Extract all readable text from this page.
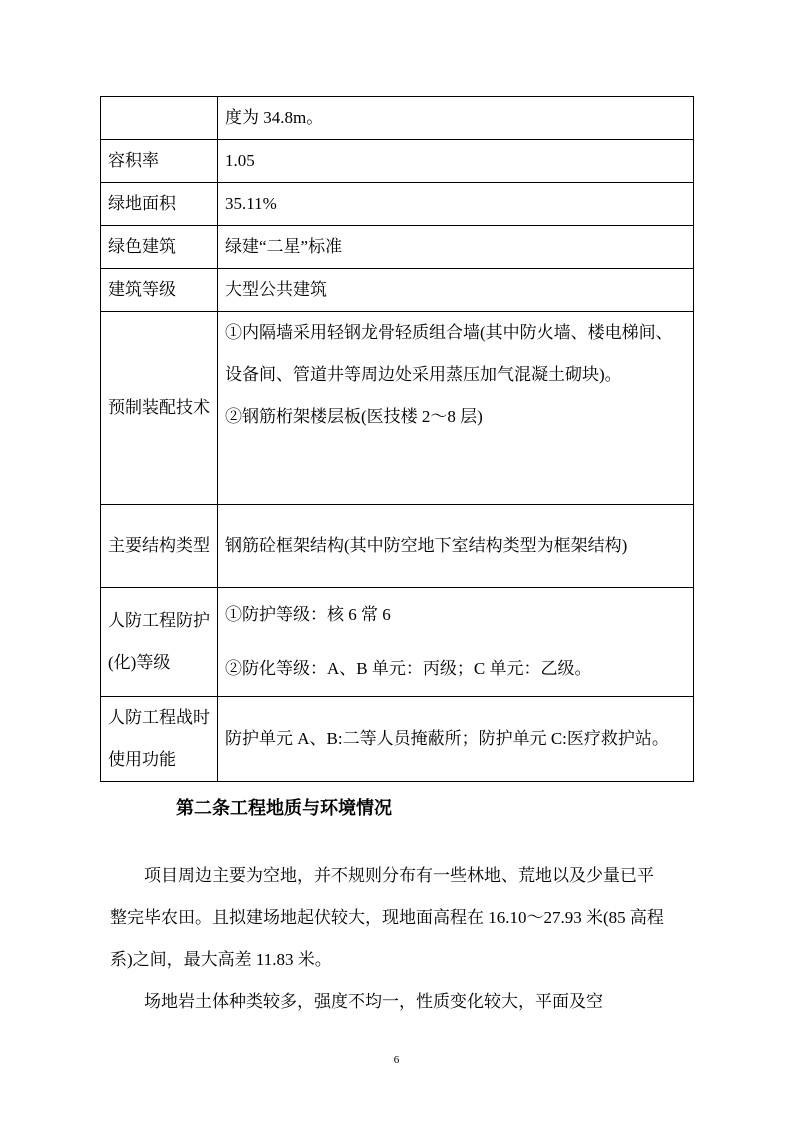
	度为 34.8m。
容积率	1.05
绿地面积	35.11%
绿色建筑	绿建“二星”标准
建筑等级	大型公共建筑
预制装配技术	①内隔墙采用轻钢龙骨轻质组合墙(其中防火墙、楼电梯间、设备间、管道井等周边处采用蒸压加气混凝土砌块)。
②钢筋桁架楼层板(医技楼 2～8 层)

主要结构类型	钢筋砼框架结构(其中防空地下室结构类型为框架结构)
人防工程防护(化)等级	①防护等级：核 6 常 6
②防化等级：A、B 单元：丙级；C 单元：乙级。

人防工程战时使用功能	防护单元 A、B:二等人员掩蔽所；防护单元 C:医疗救护站。
第二条工程地质与环境情况
项目周边主要为空地，并不规则分布有一些林地、荒地以及少量已平整完毕农田。且拟建场地起伏较大，现地面高程在 16.10～27.93 米(85 高程系)之间，最大高差 11.83 米。
场地岩土体种类较多，强度不均一，性质变化较大，平面及空
6
